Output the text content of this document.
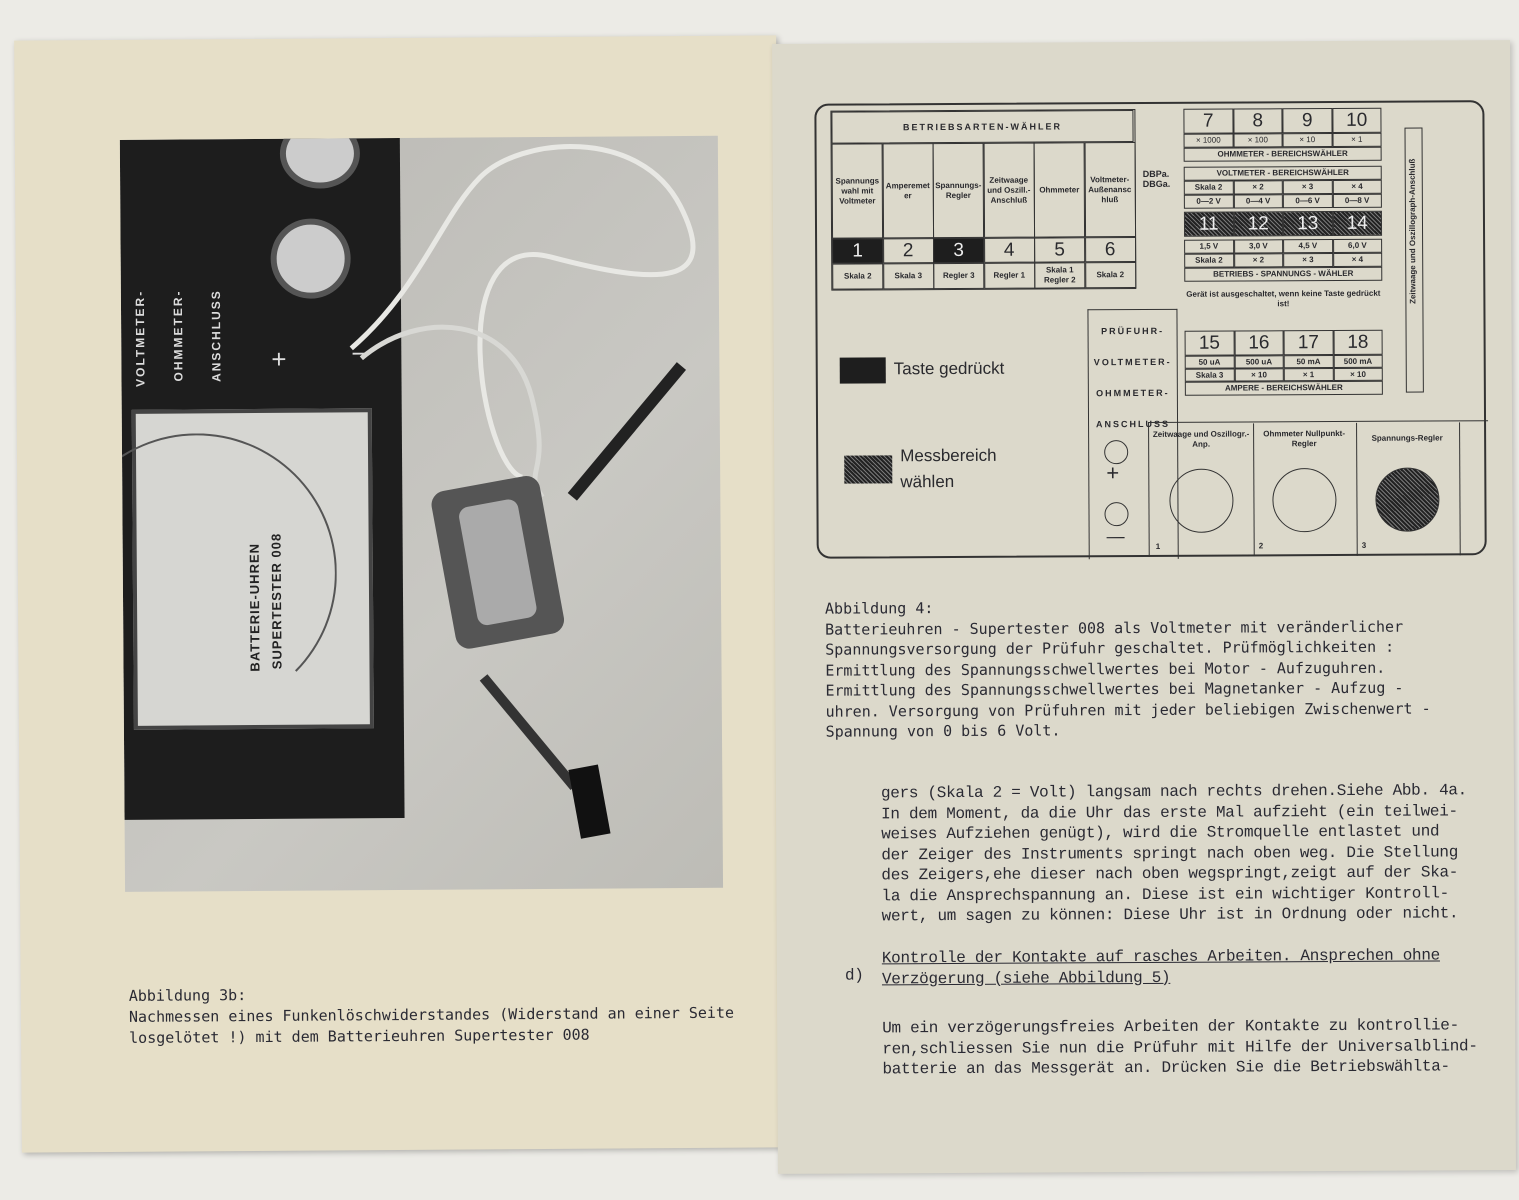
VOLTMETER- OHMMETER- ANSCHLUSS + −
BATTERIE-UHREN SUPERTESTER 008
Abbildung 3b:
Nachmessen eines Funkenlöschwiderstandes (Widerstand an einer Seite
losgelötet !) mit dem Batterieuhren Supertester 008
BETRIEBSARTEN-WÄHLER
Spannungswahl mit Voltmeter
1
Skala 2
Amperemeter
2
Skala 3
Spannungs-Regler
3
Regler 3
Zeitwaage und Oszill.-Anschluß
4
Regler 1
Ohmmeter
5
Skala 1 Regler 2
Voltmeter-Außenanschluß
6
Skala 2
DBPa. DBGa.
7
× 1000
Skala 2
0—2 V
11
1,5 V
Skala 2
15
50 uA
Skala 3
8
× 100
× 2
0—4 V
12
3,0 V
× 2
16
500 uA
× 10
9
× 10
× 3
0—6 V
13
4,5 V
× 3
17
50 mA
× 1
10
× 1
× 4
0—8 V
14
6,0 V
× 4
18
500 mA
× 10
OHMMETER - BEREICHSWÄHLER
VOLTMETER - BEREICHSWÄHLER
BETRIEBS - SPANNUNGS - WÄHLER
AMPERE - BEREICHSWÄHLER
Gerät ist ausgeschaltet, wenn keine Taste gedrückt ist!	Zeitwaage und Oszillograph-Anschluß
PRÜFUHR-
VOLTMETER-
OHMMETER-
ANSCHLUSS
+
—
Zeitwaage und Oszillogr.-Anp.
1
Ohmmeter Nullpunkt-Regler
2
Spannungs-Regler
3
Taste gedrückt
Messbereich
wählen
Abbildung 4:
Batterieuhren - Supertester 008 als Voltmeter mit veränderlicher
Spannungsversorgung der Prüfuhr geschaltet. Prüfmöglichkeiten :
Ermittlung des Spannungsschwellwertes bei Motor - Aufzuguhren.
Ermittlung des Spannungsschwellwertes bei Magnetanker - Aufzug -
uhren. Versorgung von Prüfuhren mit jeder beliebigen Zwischenwert -
Spannung von 0 bis 6 Volt.
gers (Skala 2 = Volt) langsam nach rechts drehen.Siehe Abb. 4a.
In dem Moment, da die Uhr das erste Mal aufzieht (ein teilwei-
weises Aufziehen genügt), wird die Stromquelle entlastet und
der Zeiger des Instruments springt nach oben weg. Die Stellung
des Zeigers,ehe dieser nach oben wegspringt,zeigt auf der Ska-
la die Ansprechspannung an. Diese ist ein wichtiger Kontroll-
wert, um sagen zu können: Diese Uhr ist in Ordnung oder nicht.
d)
Kontrolle der Kontakte auf rasches Arbeiten. Ansprechen ohne
Verzögerung (siehe Abbildung 5)
Um ein verzögerungsfreies Arbeiten der Kontakte zu kontrollie-
ren,schliessen Sie nun die Prüfuhr mit Hilfe der Universalblind-
batterie an das Messgerät an. Drücken Sie die Betriebswählta-
